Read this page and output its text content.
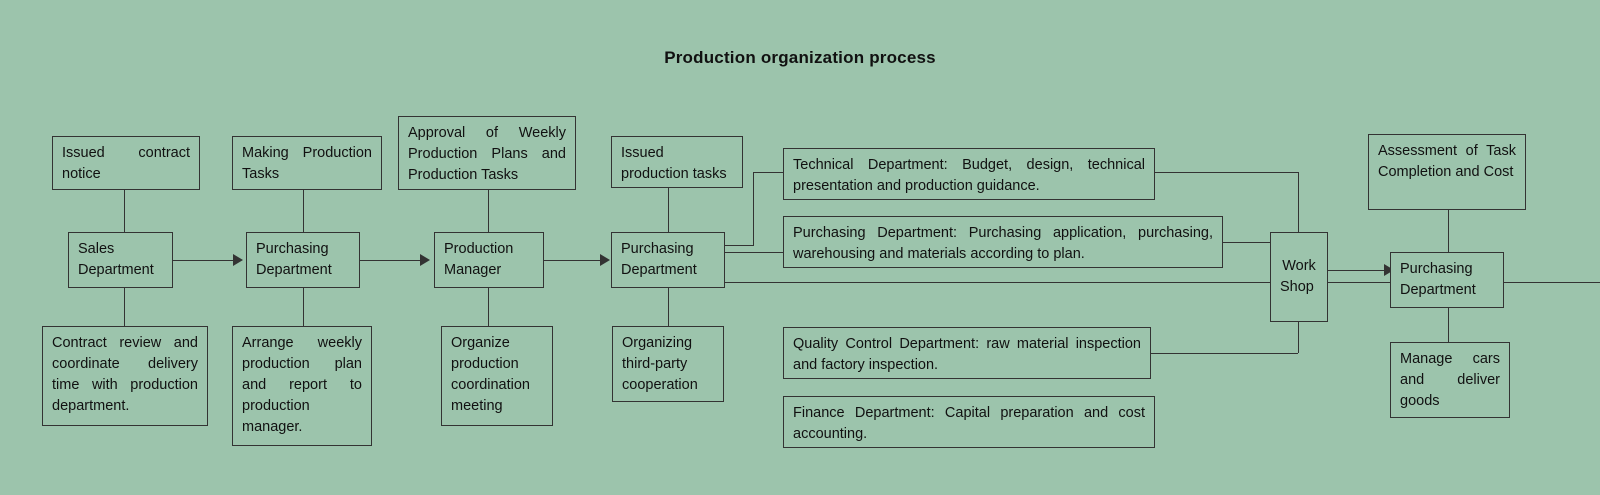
Production organization process
Issued contract notice
Sales Department
Contract review and coordinate delivery time with production department.
Making Production Tasks
Purchasing Department
Arrange weekly production plan and report to production manager.
Approval of Weekly Production Plans and Production Tasks
Production Manager
Organize production coordination meeting
Issued production tasks
Purchasing Department
Organizing third-party cooperation
Technical Department: Budget, design, technical presentation and production guidance.
Purchasing Department: Purchasing application, purchasing, warehousing and materials according to plan.
Quality Control Department: raw material inspection and factory inspection.
Finance Department: Capital preparation and cost accounting.
Work Shop
Assessment of Task Completion and Cost
Purchasing Department
Manage cars and deliver goods
